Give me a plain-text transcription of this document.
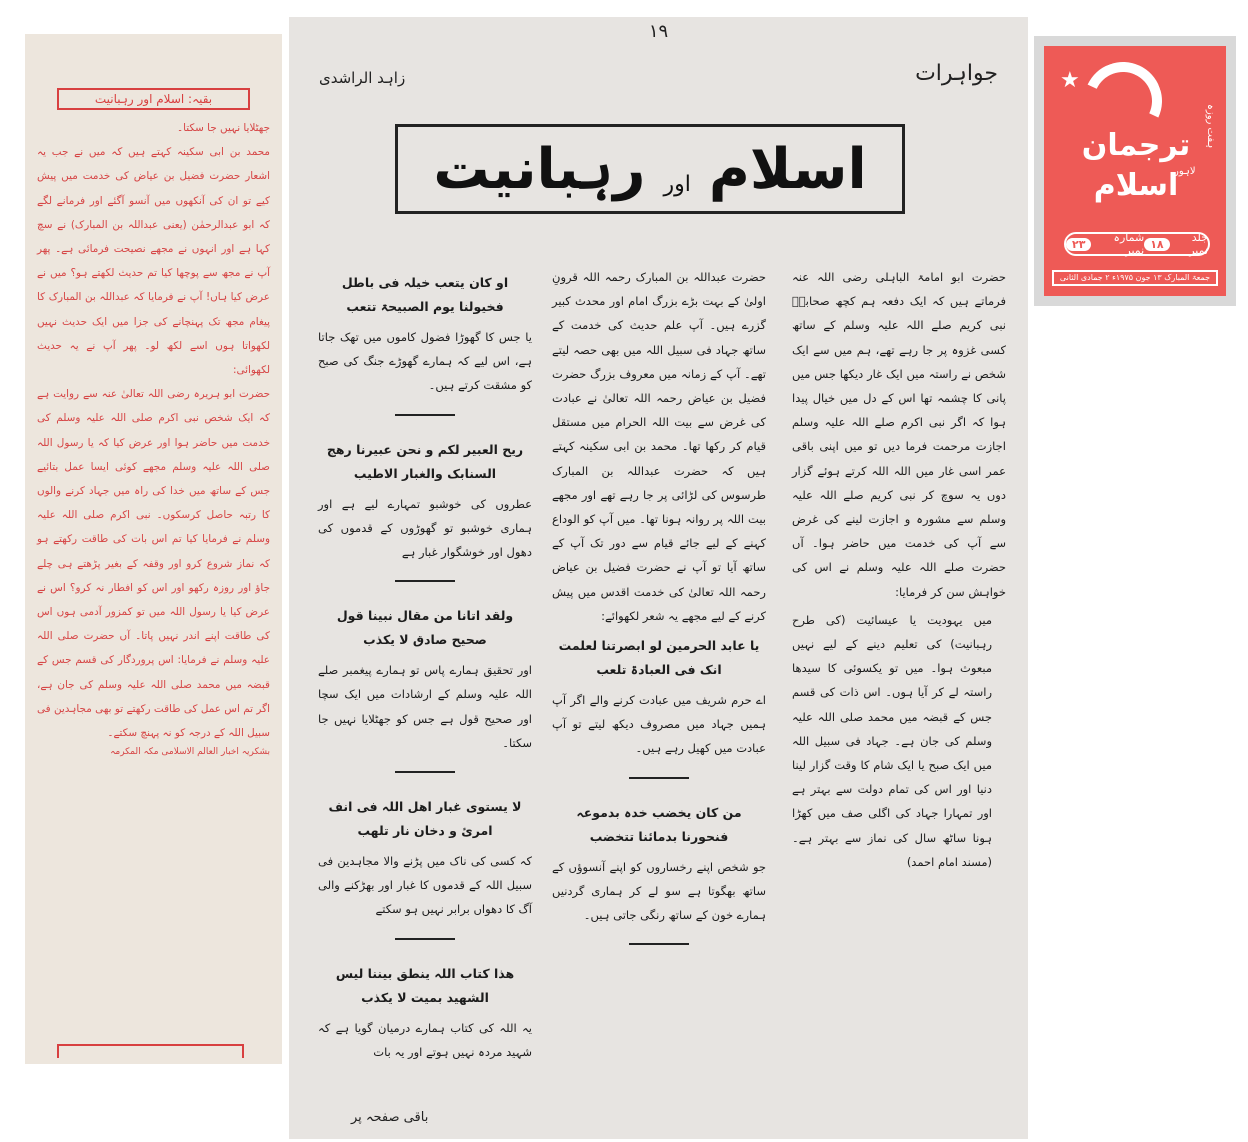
بقیہ: اسلام اور رہبانیت
جھٹلایا نہیں جا سکتا۔
محمد بن ابی سکینہ کہتے ہیں کہ میں نے جب یہ اشعار حضرت فضیل بن عیاض کی خدمت میں پیش کیے تو ان کی آنکھوں میں آنسو آگئے اور فرمانے لگے کہ ابو عبدالرحمٰن (یعنی عبداللہ بن المبارک) نے سچ کہا ہے اور انہوں نے مجھے نصیحت فرمائی ہے۔ پھر آپ نے مجھ سے پوچھا کیا تم حدیث لکھتے ہو؟ میں نے عرض کیا ہاں! آپ نے فرمایا کہ عبداللہ بن المبارک کا پیغام مجھ تک پہنچانے کی جزا میں ایک حدیث نہیں لکھواتا ہوں اسے لکھ لو۔ پھر آپ نے یہ حدیث لکھوائی:
حضرت ابو ہریرہ رضی اللہ تعالیٰ عنہ سے روایت ہے کہ ایک شخص نبی اکرم صلی اللہ علیہ وسلم کی خدمت میں حاضر ہوا اور عرض کیا کہ یا رسول اللہ صلی اللہ علیہ وسلم مجھے کوئی ایسا عمل بتائیے جس کے ساتھ میں خدا کی راہ میں جہاد کرنے والوں کا رتبہ حاصل کرسکوں۔ نبی اکرم صلی اللہ علیہ وسلم نے فرمایا کیا تم اس بات کی طاقت رکھتے ہو کہ نماز شروع کرو اور وقفہ کے بغیر پڑھتے ہی چلے جاؤ اور روزہ رکھو اور اس کو افطار نہ کرو؟ اس نے عرض کیا یا رسول اللہ میں تو کمزور آدمی ہوں اس کی طاقت اپنے اندر نہیں پاتا۔ آں حضرت صلی اللہ علیہ وسلم نے فرمایا: اس پروردگار کی قسم جس کے قبضہ میں محمد صلی اللہ علیہ وسلم کی جان ہے، اگر تم اس عمل کی طاقت رکھتے تو بھی مجاہدین فی سبیل اللہ کے درجہ کو نہ پہنچ سکتے۔
بشکریہ اخبار العالم الاسلامی مکہ المکرمہ
۱۹
جواہرات
زاہد الراشدی
اسلام
اور
رہبانیت
حضرت ابو امامۃ الباہلی رضی اللہ عنہ فرماتے ہیں کہ ایک دفعہ ہم کچھ صحابہؓ نبی کریم صلے اللہ علیہ وسلم کے ساتھ کسی غزوہ پر جا رہے تھے، ہم میں سے ایک شخص نے راستہ میں ایک غار دیکھا جس میں پانی کا چشمہ تھا اس کے دل میں خیال پیدا ہوا کہ اگر نبی اکرم صلے اللہ علیہ وسلم اجازت مرحمت فرما دیں تو میں اپنی باقی عمر اسی غار میں اللہ اللہ کرتے ہوئے گزار دوں یہ سوچ کر نبی کریم صلے اللہ علیہ وسلم سے مشورہ و اجازت لینے کی غرض سے آپ کی خدمت میں حاضر ہوا۔ آں حضرت صلے اللہ علیہ وسلم نے اس کی خواہش سن کر فرمایا:
میں یہودیت یا عیسائیت (کی طرح رہبانیت) کی تعلیم دینے کے لیے نہیں مبعوث ہوا۔ میں تو یکسوئی کا سیدھا راستہ لے کر آیا ہوں۔ اس ذات کی قسم جس کے قبضہ میں محمد صلی اللہ علیہ وسلم کی جان ہے۔ جہاد فی سبیل اللہ میں ایک صبح یا ایک شام کا وقت گزار لینا دنیا اور اس کی تمام دولت سے بہتر ہے اور تمہارا جہاد کی اگلی صف میں کھڑا ہونا ساٹھ سال کی نماز سے بہتر ہے۔ (مسند امام احمد)
حضرت عبداللہ بن المبارک رحمہ اللہ قرونِ اولیٰ کے بہت بڑے بزرگ امام اور محدث کبیر گزرے ہیں۔ آپ علم حدیث کی خدمت کے ساتھ جہاد فی سبیل اللہ میں بھی حصہ لیتے تھے۔ آپ کے زمانہ میں معروف بزرگ حضرت فضیل بن عیاض رحمہ اللہ تعالیٰ نے عبادت کی غرض سے بیت اللہ الحرام میں مستقل قیام کر رکھا تھا۔ محمد بن ابی سکینہ کہتے ہیں کہ حضرت عبداللہ بن المبارک طرسوس کی لڑائی پر جا رہے تھے اور مجھے بیت اللہ پر روانہ ہونا تھا۔ میں آپ کو الوداع کہنے کے لیے جائے قیام سے دور تک آپ کے ساتھ آیا تو آپ نے حضرت فضیل بن عیاض رحمہ اللہ تعالیٰ کی خدمت اقدس میں پیش کرنے کے لیے مجھے یہ شعر لکھوائے:
یا عابد الحرمین لو ابصرتنا لعلمت انک فی العبادۃ تلعب
اے حرم شریف میں عبادت کرنے والے اگر آپ ہمیں جہاد میں مصروف دیکھ لیتے تو آپ عبادت میں کھیل رہے ہیں۔
من کان یخضب خدہ بدموعہ فنحورنا بدمائنا تتخضب
جو شخص اپنے رخساروں کو اپنے آنسوؤں کے ساتھ بھگوتا ہے سو لے کر ہماری گردنیں ہمارے خون کے ساتھ رنگی جاتی ہیں۔
او کان یتعب خیلہ فی باطل فخیولنا یوم الصبیحۃ تتعب
یا جس کا گھوڑا فضول کاموں میں تھک جاتا ہے، اس لیے کہ ہمارے گھوڑے جنگ کی صبح کو مشقت کرتے ہیں۔
ریح العبیر لکم و نحن عبیرنا رھج السنابک والغبار الاطیب
عطروں کی خوشبو تمہارے لیے ہے اور ہماری خوشبو تو گھوڑوں کے قدموں کی دھول اور خوشگوار غبار ہے
ولقد اتانا من مقال نبینا قول صحیح صادق لا یکذب
اور تحقیق ہمارے پاس تو ہمارے پیغمبر صلے اللہ علیہ وسلم کے ارشادات میں ایک سچا اور صحیح قول ہے جس کو جھٹلایا نہیں جا سکتا۔
لا یستوی غبار اھل اللہ فی انف امرئ و دخان نار تلھب
کہ کسی کی ناک میں پڑنے والا مجاہدین فی سبیل اللہ کے قدموں کا غبار اور بھڑکنے والی آگ کا دھواں برابر نہیں ہو سکتے
ھذا کتاب اللہ ینطق بیننا لیس الشھید بمیت لا یکذب
یہ اللہ کی کتاب ہمارے درمیان گویا ہے کہ شہید مردہ نہیں ہوتے اور یہ بات
باقی صفحہ پر
★
ہفت روزہ
ترجمان اسلام
لاہور
جلد نمبر
۱۸
شمارہ نمبر
۲۳
جمعۃ المبارک ۱۳ جون ۱۹۷۵ء ۲ جمادی الثانی
